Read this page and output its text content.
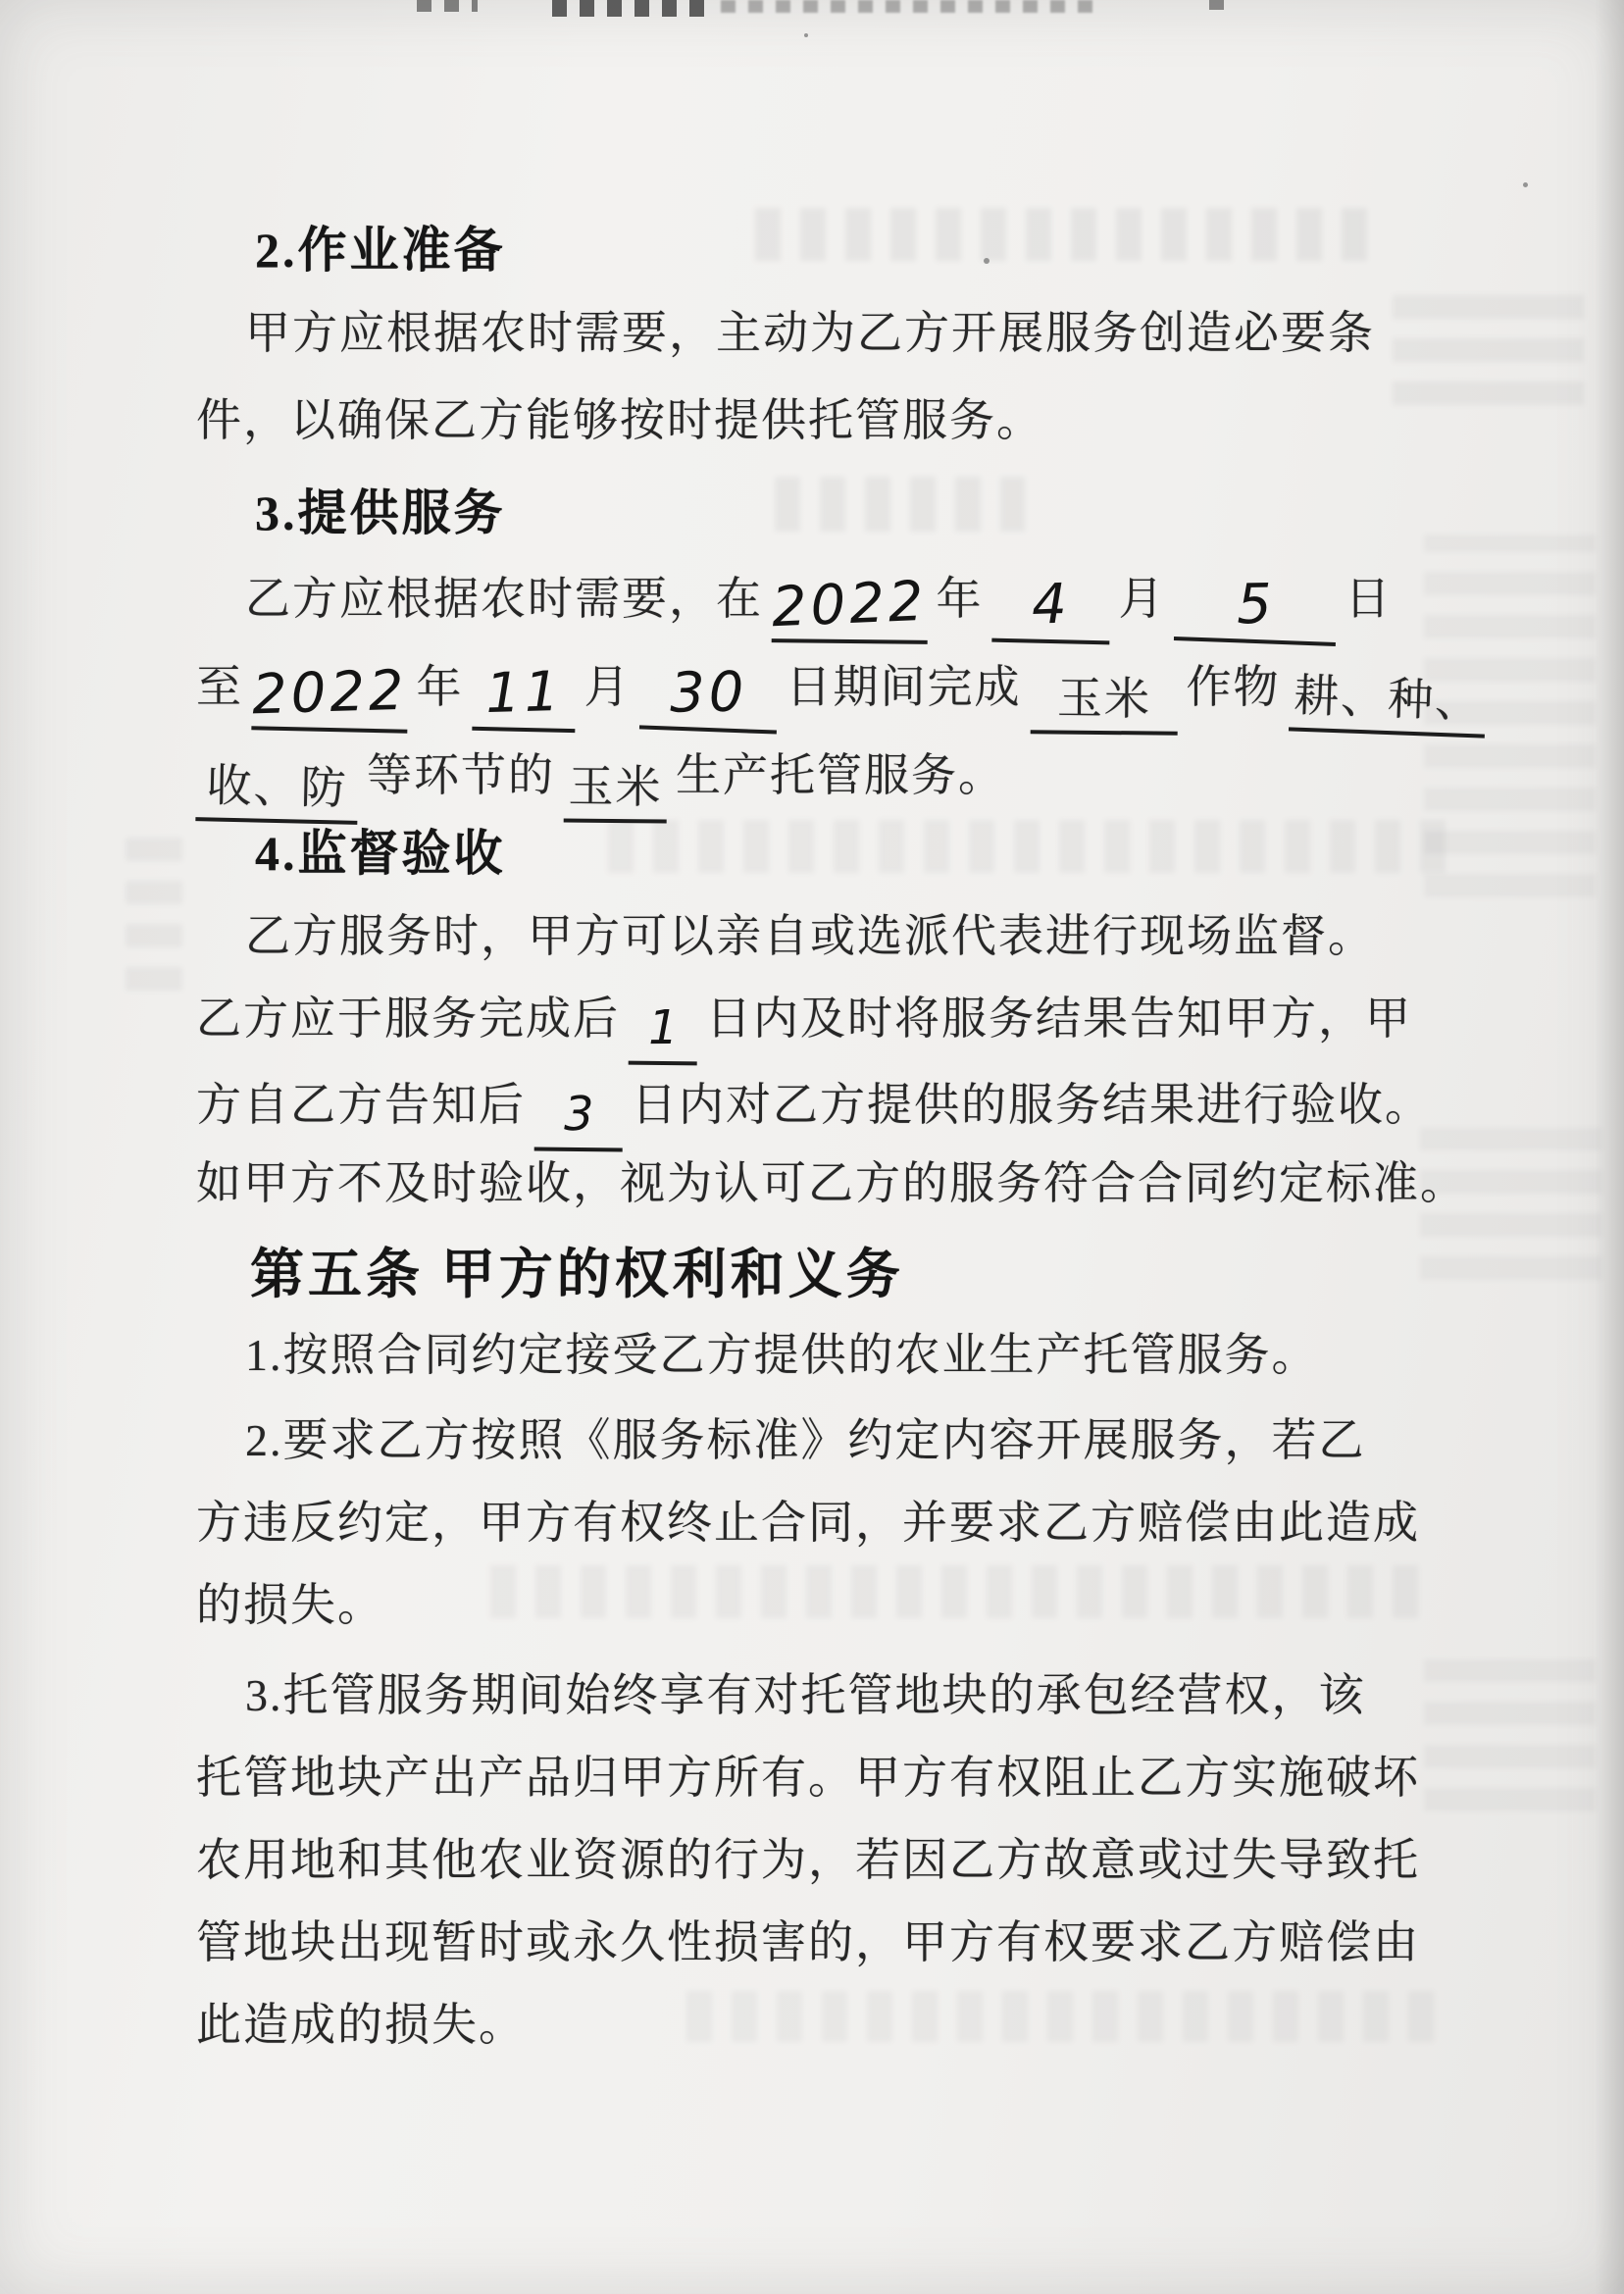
2.作业准备
甲方应根据农时需要，主动为乙方开展服务创造必要条
件，以确保乙方能够按时提供托管服务。
3.提供服务
乙方应根据农时需要，在 2022 年 4 月 5 日
至 2022 年 11 月 30 日期间完成 玉米 作物 耕、种、
收、防 等环节的 玉米 生产托管服务。
4.监督验收
乙方服务时，甲方可以亲自或选派代表进行现场监督。
乙方应于服务完成后 1 日内及时将服务结果告知甲方，甲
方自乙方告知后 3 日内对乙方提供的服务结果进行验收。
如甲方不及时验收，视为认可乙方的服务符合合同约定标准。
第五条 甲方的权利和义务
1.按照合同约定接受乙方提供的农业生产托管服务。
2.要求乙方按照《服务标准》约定内容开展服务，若乙
方违反约定，甲方有权终止合同，并要求乙方赔偿由此造成
的损失。
3.托管服务期间始终享有对托管地块的承包经营权，该
托管地块产出产品归甲方所有。甲方有权阻止乙方实施破坏
农用地和其他农业资源的行为，若因乙方故意或过失导致托
管地块出现暂时或永久性损害的，甲方有权要求乙方赔偿由
此造成的损失。
